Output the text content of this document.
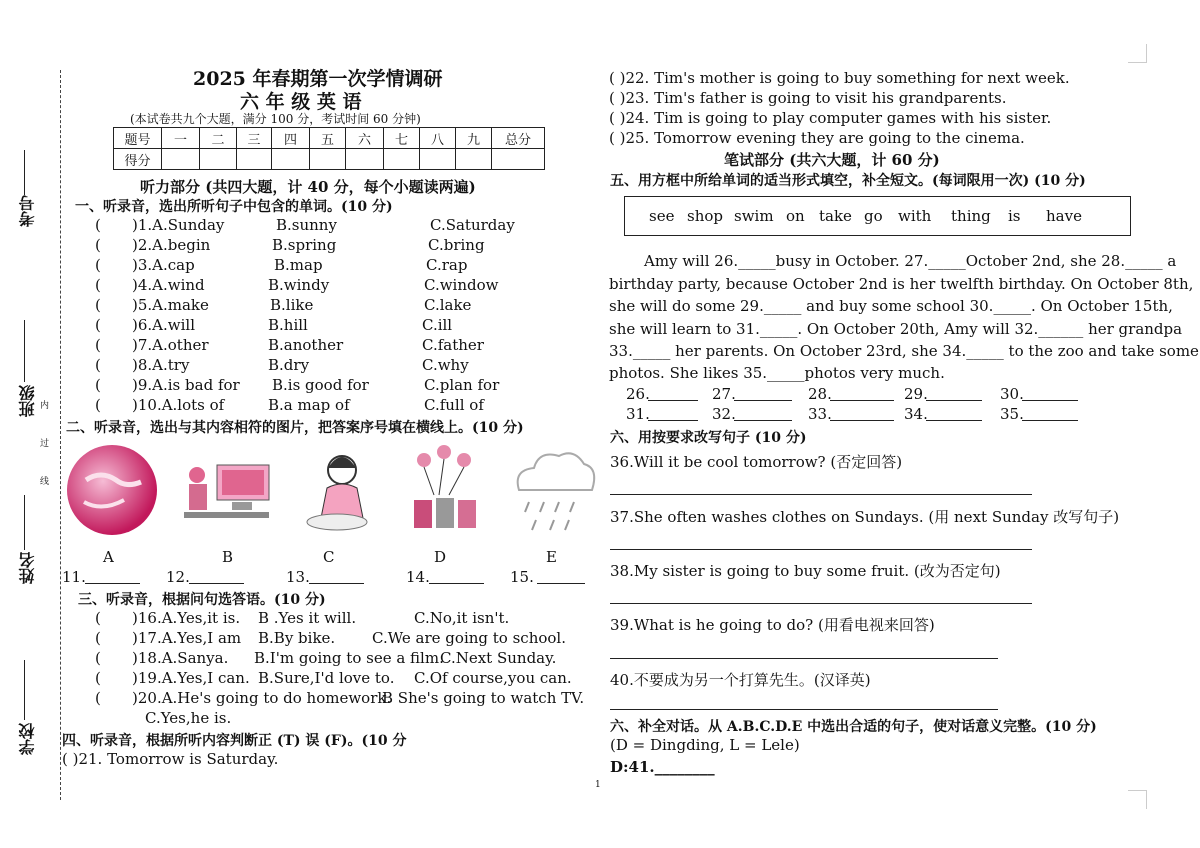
考号
班级
姓名
学校
内
过
线
2025 年春期第一次学情调研
六 年 级 英 语
(本试卷共九个大题，满分 100 分，考试时间 60 分钟)
题号	一	二	三	四	五	六	七	八	九	总分
得分										
听力部分 (共四大题，计 40 分，每个小题读两遍)
一、听录音，选出所听句子中包含的单词。(10 分)
( )1.A.Sunday	B.sunny	C.Saturday
( )2.A.begin	B.spring	C.bring
( )3.A.cap	B.map	C.rap
( )4.A.wind	B.windy	C.window
( )5.A.make	B.like	C.lake
( )6.A.will	B.hill	C.ill
( )7.A.other	B.another	C.father
( )8.A.try	B.dry	C.why
( )9.A.is bad for B.is good for	C.plan for
( )10.A.lots of	B.a map of	C.full of
二、听录音，选出与其内容相符的图片，把答案序号填在横线上。(10 分)
A	B	C	D	E
11.	12.	13.	14.	15.
三、听录音，根据问句选答语。(10 分)
( )16.A.Yes,it is. B .Yes it will.	C.No,it isn't.
( )17.A.Yes,I am B.By bike. C.We are going to school.
( )18.A.Sanya. B.I'm going to see a film.
C.Next Sunday.
( )19.A.Yes,I can. B.Sure,I'd love to. C.Of course,you can.
( )20.A.He's going to do homework.
B She's going to watch TV.
C.Yes,he is.
四、听录音，根据所听内容判断正 (T) 误 (F)。(10 分
( )21. Tomorrow is Saturday.
( )22. Tim's mother is going to buy something for next week.
( )23. Tim's father is going to visit his grandparents.
( )24. Tim is going to play computer games with his sister.
( )25. Tomorrow evening they are going to the cinema.
笔试部分 (共六大题，计 60 分)
五、用方框中所给单词的适当形式填空，补全短文。(每词限用一次) (10 分)
see shop swim on take go with thing is have
Amy will 26._____busy in October. 27._____October 2nd, she 28._____ a
birthday party, because October 2nd is her twelfth birthday. On October 8th,
she will do some 29._____ and buy some school 30._____. On October 15th,
she will learn to 31._____. On October 20th, Amy will 32.______ her grandpa
33._____ her parents. On October 23rd, she 34._____ to the zoo and take some
photos. She likes 35._____photos very much.
26.	27.	28.	29.	30.
31.	32.	33.	34.	35.
六、用按要求改写句子 (10 分)
36.Will it be cool tomorrow? (否定回答)
37.She often washes clothes on Sundays. (用 next Sunday 改写句子)
38.My sister is going to buy some fruit. (改为否定句)
39.What is he going to do? (用看电视来回答)
40.不要成为另一个打算先生。(汉译英)
六、补全对话。从 A.B.C.D.E 中选出合适的句子，使对话意义完整。(10 分)
(D = Dingding, L = Lele)
D:41.________
1
